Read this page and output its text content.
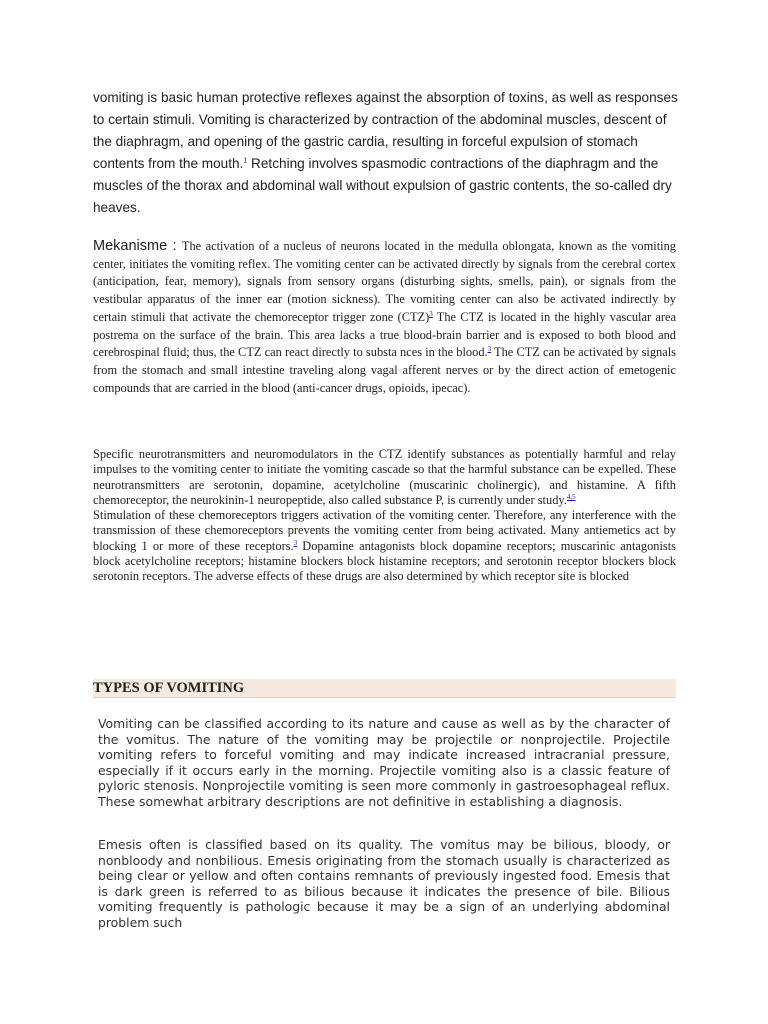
vomiting is basic human protective reflexes against the absorption of toxins, as well as responses to certain stimuli. Vomiting is characterized by contraction of the abdominal muscles, descent of the diaphragm, and opening of the gastric cardia, resulting in forceful expulsion of stomach contents from the mouth.$^1$ Retching involves spasmodic contractions of the diaphragm and the muscles of the thorax and abdominal wall without expulsion of gastric contents, the so-called dry heaves.

Mekanisme : The activation of a nucleus of neurons located in the medulla oblongata, known as the vomiting center, initiates the vomiting reflex. The vomiting center can be activated directly by signals from the cerebral cortex (anticipation, fear, memory), signals from sensory organs (disturbing sights, smells, pain), or signals from the vestibular apparatus of the inner ear (motion sickness). The vomiting center can also be activated indirectly by certain stimuli that activate the chemoreceptor trigger zone (CTZ)$^3$ The CTZ is located in the highly vascular area postrema on the surface of the brain. This area lacks a true blood-brain barrier and is exposed to both blood and cerebrospinal fluid; thus, the CTZ can react directly to substa nces in the blood.$^3$ The CTZ can be activated by signals from the stomach and small intestine traveling along vagal afferent nerves or by the direct action of emetogenic compounds that are carried in the blood (anti-cancer drugs, opioids, ipecac).

Specific neurotransmitters and neuromodulators in the CTZ identify substances as potentially harmful and relay impulses to the vomiting center to initiate the vomiting cascade so that the harmful substance can be expelled. These neurotransmitters are serotonin, dopamine, acetylcholine (muscarinic cholinergic), and histamine. A fifth chemoreceptor, the neurokinin-1 neuropeptide, also called substance P, is currently under study.$^{4,5}$
Stimulation of these chemoreceptors triggers activation of the vomiting center. Therefore, any interference with the transmission of these chemoreceptors prevents the vomiting center from being activated. Many antiemetics act by blocking 1 or more of these receptors.$^3$ Dopamine antagonists block dopamine receptors; muscarinic antagonists block acetylcholine receptors; histamine blockers block histamine receptors; and serotonin receptor blockers block serotonin receptors. The adverse effects of these drugs are also determined by which receptor site is blocked

TYPES OF VOMITING

Vomiting can be classified according to its nature and cause as well as by the character of the vomitus. The nature of the vomiting may be projectile or nonprojectile. Projectile vomiting refers to forceful vomiting and may indicate increased intracranial pressure, especially if it occurs early in the morning. Projectile vomiting also is a classic feature of pyloric stenosis. Nonprojectile vomiting is seen more commonly in gastroesophageal reflux. These somewhat arbitrary descriptions are not definitive in establishing a diagnosis.

Emesis often is classified based on its quality. The vomitus may be bilious, bloody, or nonbloody and nonbilious. Emesis originating from the stomach usually is characterized as being clear or yellow and often contains remnants of previously ingested food. Emesis that is dark green is referred to as bilious because it indicates the presence of bile. Bilious vomiting frequently is pathologic because it may be a sign of an underlying abdominal problem such
